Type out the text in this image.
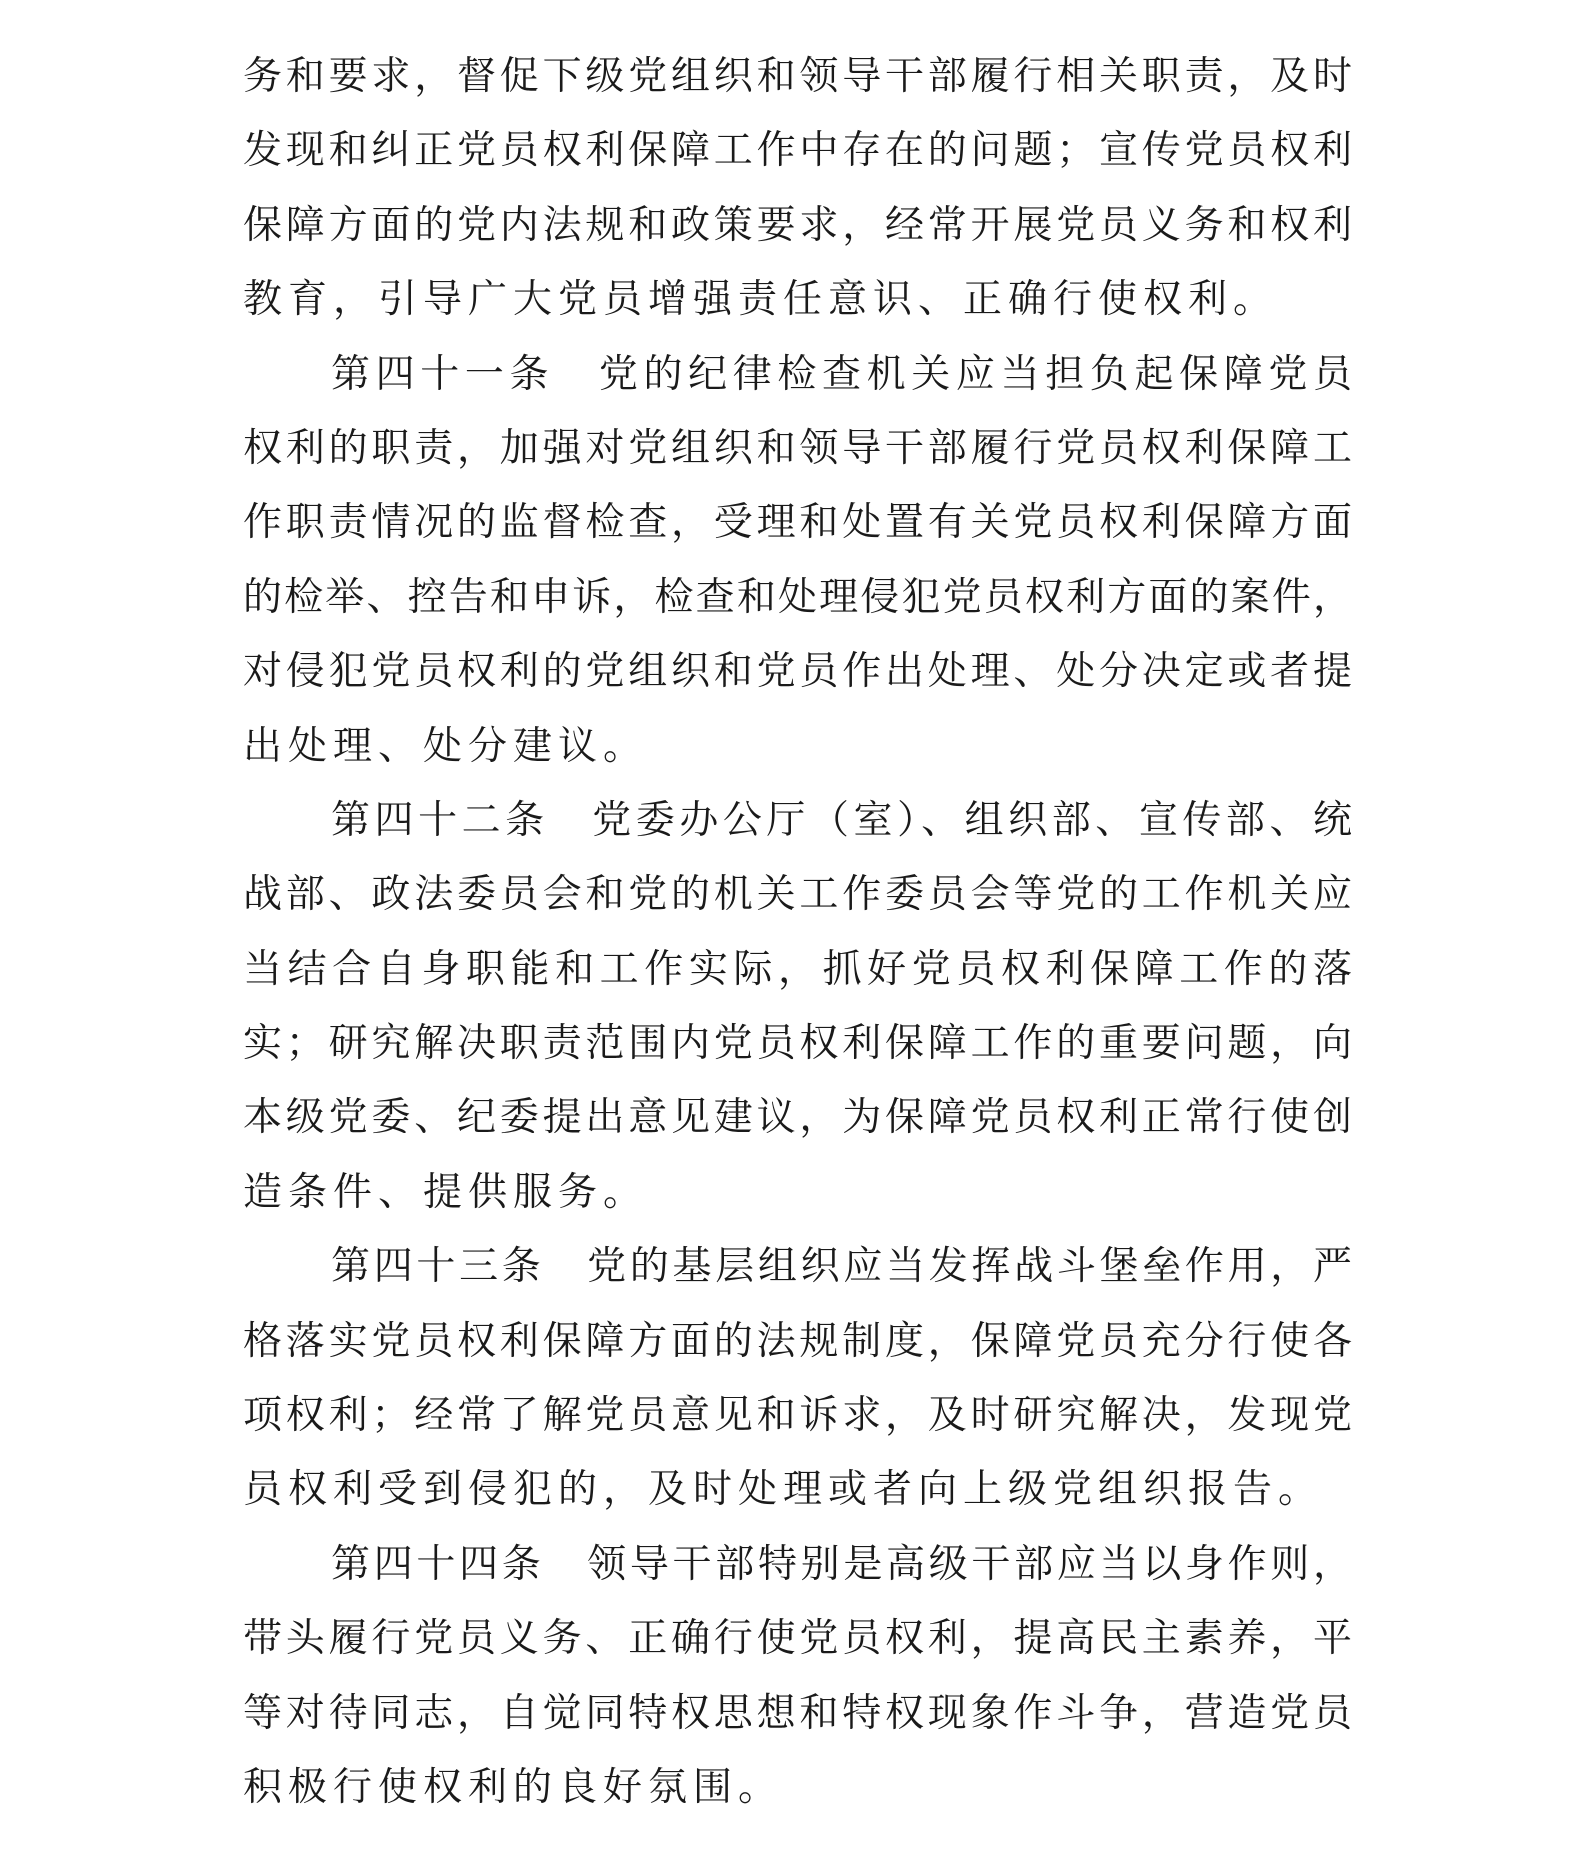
务和要求，督促下级党组织和领导干部履行相关职责，及时
发现和纠正党员权利保障工作中存在的问题；宣传党员权利
保障方面的党内法规和政策要求，经常开展党员义务和权利
教育，引导广大党员增强责任意识、正确行使权利。
第四十一条　党的纪律检查机关应当担负起保障党员
权利的职责，加强对党组织和领导干部履行党员权利保障工
作职责情况的监督检查，受理和处置有关党员权利保障方面
的检举、控告和申诉，检查和处理侵犯党员权利方面的案件，
对侵犯党员权利的党组织和党员作出处理、处分决定或者提
出处理、处分建议。
第四十二条　党委办公厅（室）、组织部、宣传部、统
战部、政法委员会和党的机关工作委员会等党的工作机关应
当结合自身职能和工作实际，抓好党员权利保障工作的落
实；研究解决职责范围内党员权利保障工作的重要问题，向
本级党委、纪委提出意见建议，为保障党员权利正常行使创
造条件、提供服务。
第四十三条　党的基层组织应当发挥战斗堡垒作用，严
格落实党员权利保障方面的法规制度，保障党员充分行使各
项权利；经常了解党员意见和诉求，及时研究解决，发现党
员权利受到侵犯的，及时处理或者向上级党组织报告。
第四十四条　领导干部特别是高级干部应当以身作则，
带头履行党员义务、正确行使党员权利，提高民主素养，平
等对待同志，自觉同特权思想和特权现象作斗争，营造党员
积极行使权利的良好氛围。
